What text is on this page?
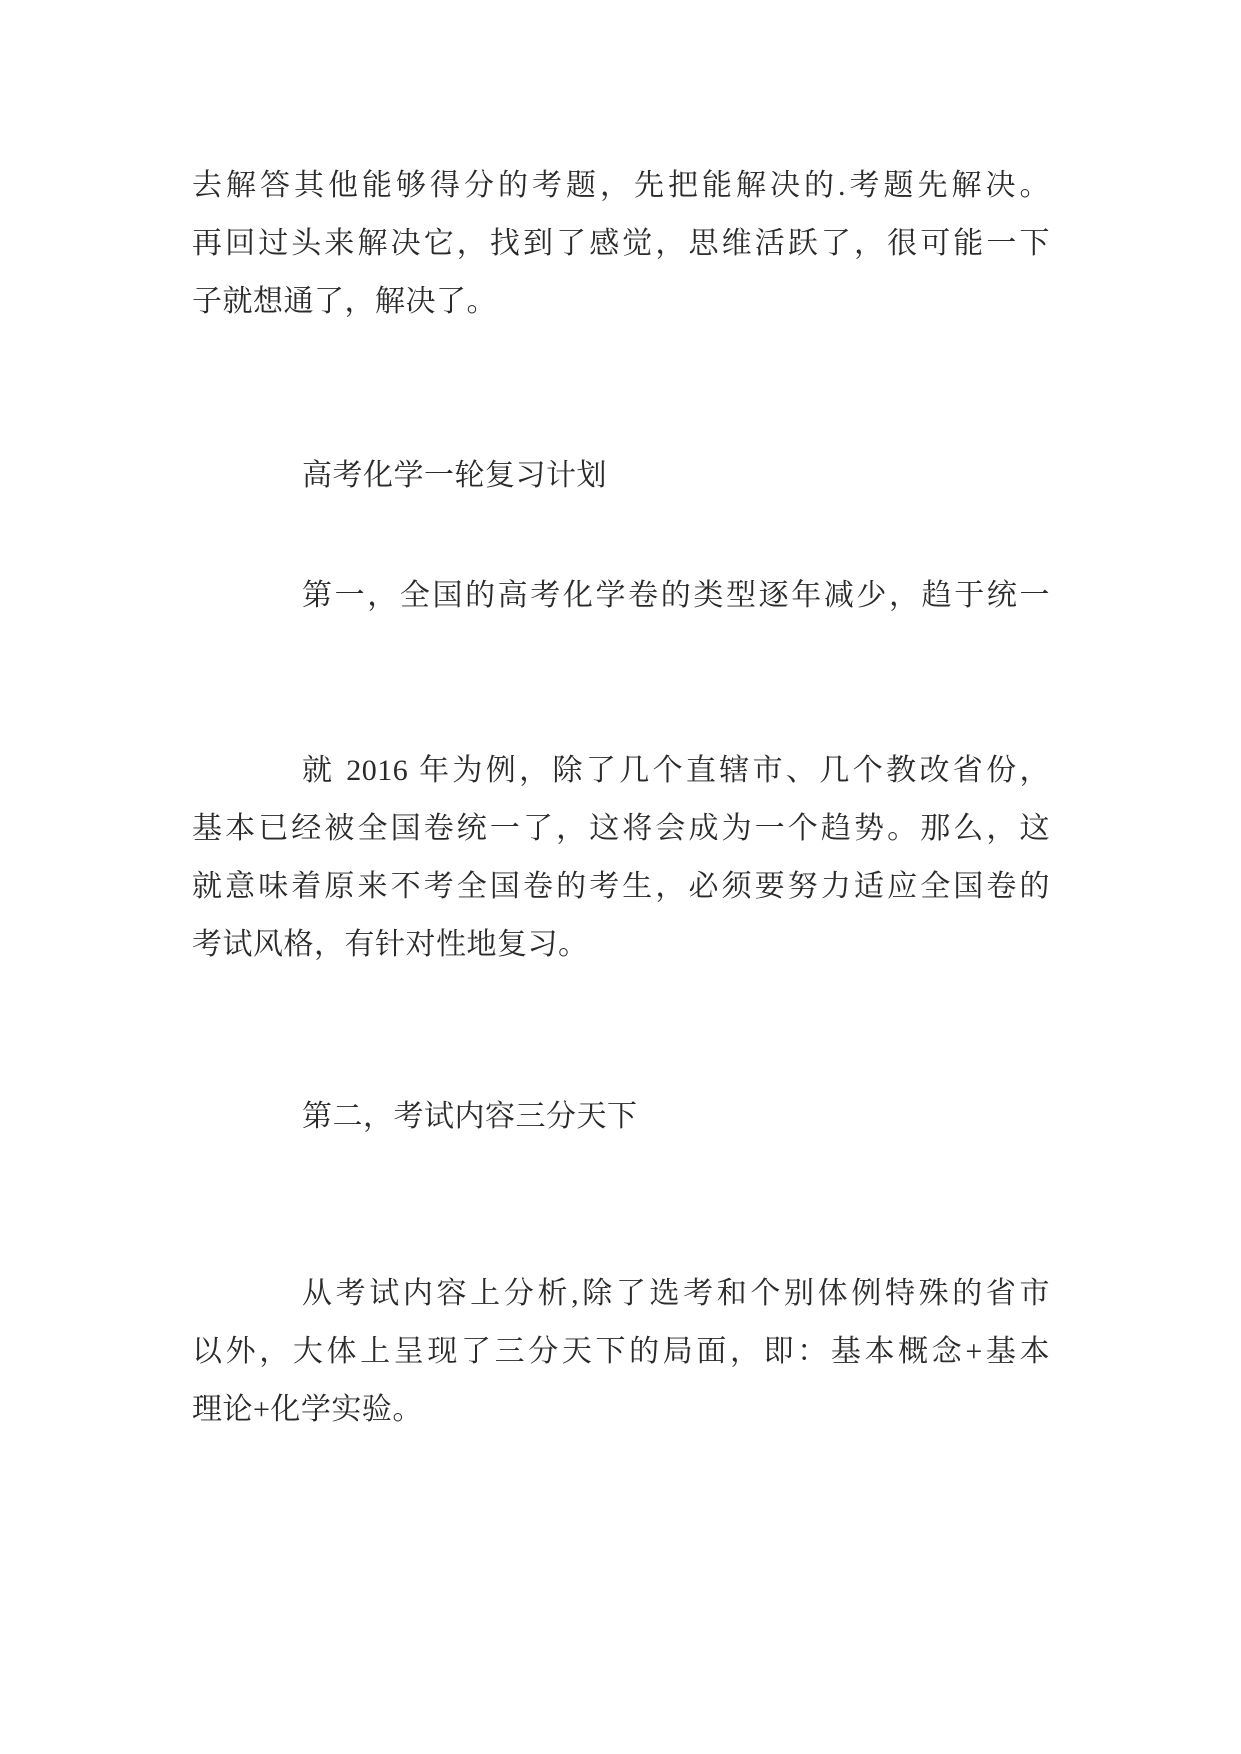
去解答其他能够得分的考题，先把能解决的.考题先解决。
再回过头来解决它，找到了感觉，思维活跃了，很可能一下
子就想通了，解决了。
高考化学一轮复习计划
第一，全国的高考化学卷的类型逐年减少，趋于统一
就 2016 年为例，除了几个直辖市、几个教改省份，
基本已经被全国卷统一了，这将会成为一个趋势。那么，这
就意味着原来不考全国卷的考生，必须要努力适应全国卷的
考试风格，有针对性地复习。
第二，考试内容三分天下
从考试内容上分析,除了选考和个别体例特殊的省市
以外，大体上呈现了三分天下的局面，即：基本概念+基本
理论+化学实验。
